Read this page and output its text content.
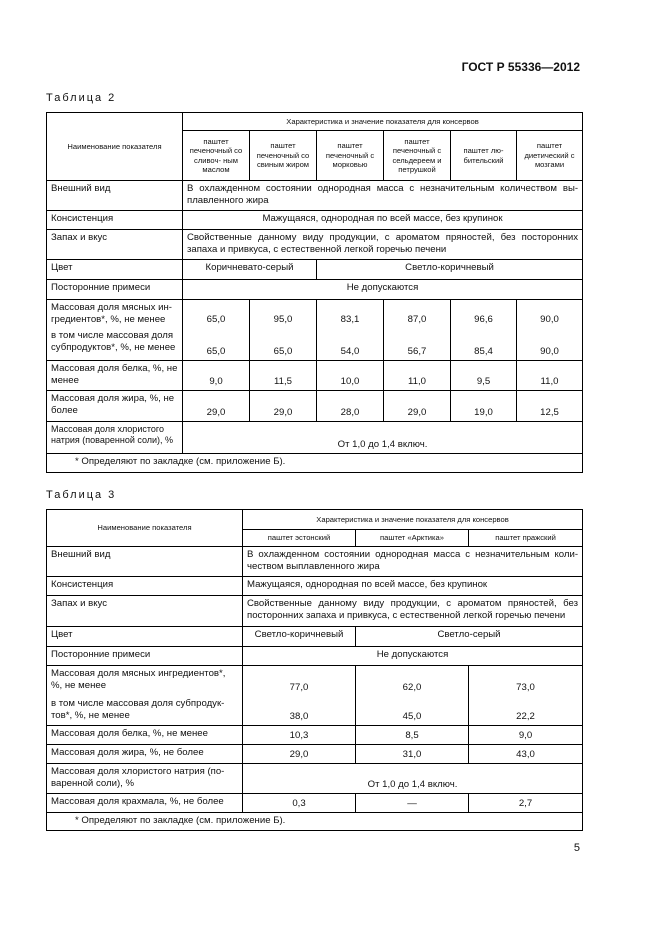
ГОСТ Р 55336—2012
Таблица 2
Наименование показателя	Характеристика и значение показателя для консервов					
	паштет печеночный со сливоч- ным маслом	паштет печеночный со свиным жиром	паштет печеночный с морковью	паштет печеночный с сельдереем и петрушкой	паштет лю- бительский	паштет диетический с мозгами
Внешний вид	В охлажденном состоянии однородная масса с незначительным количеством вы- плавленного жира					
Консистенция	Мажущаяся, однородная по всей массе, без крупинок					
Запах и вкус	Свойственные данному виду продукции, с ароматом пряностей, без посторонних запаха и привкуса, с естественной легкой горечью печени					
Цвет	Коричневато-серый		Светло-коричневый			
Посторонние примеси	Не допускаются					
Массовая доля мясных ин- гредиентов*, %, не менее	65,0	95,0	83,1	87,0	96,6	90,0
в том числе массовая доля субпродуктов*, %, не менее	65,0	65,0	54,0	56,7	85,4	90,0
Массовая доля белка, %, не менее	9,0	11,5	10,0	11,0	9,5	11,0
Массовая доля жира, %, не более	29,0	29,0	28,0	29,0	19,0	12,5
Массовая доля хлористого натрия (поваренной соли), %	От 1,0 до 1,4 включ.					
* Определяют по закладке (см. приложение Б).						
Таблица 3
Наименование показателя	Характеристика и значение показателя для консервов		
	паштет эстонский	паштет «Арктика»	паштет пражский
Внешний вид	В охлажденном состоянии однородная масса с незначительным коли- чеством выплавленного жира		
Консистенция	Мажущаяся, однородная по всей массе, без крупинок		
Запах и вкус	Свойственные данному виду продукции, с ароматом пряностей, без посторонних запаха и привкуса, с естественной легкой горечью печени		
Цвет	Светло-коричневый	Светло-серый	
Посторонние примеси	Не допускаются		
Массовая доля мясных ингредиентов*, %, не менее	77,0	62,0	73,0
в том числе массовая доля субпродук- тов*, %, не менее	38,0	45,0	22,2
Массовая доля белка, %, не менее	10,3	8,5	9,0
Массовая доля жира, %, не более	29,0	31,0	43,0
Массовая доля хлористого натрия (по- варенной соли), %	От 1,0 до 1,4 включ.		
Массовая доля крахмала, %, не более	0,3	—	2,7
* Определяют по закладке (см. приложение Б).			
5
